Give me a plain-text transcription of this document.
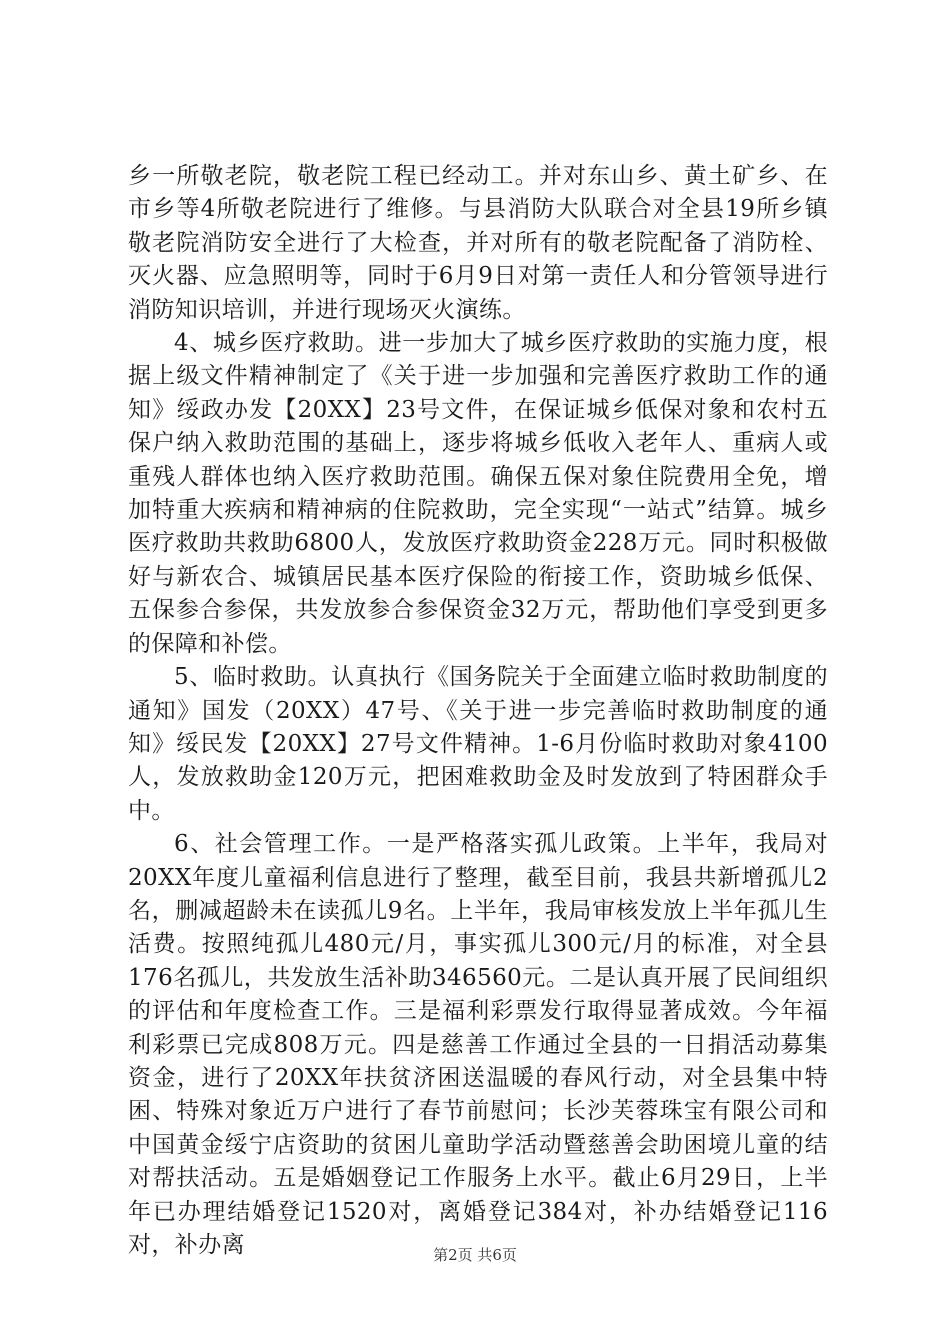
乡一所敬老院，敬老院工程已经动工。并对东山乡、黄土矿乡、在市乡等4所敬老院进行了维修。与县消防大队联合对全县19所乡镇敬老院消防安全进行了大检查，并对所有的敬老院配备了消防栓、灭火器、应急照明等，同时于6月9日对第一责任人和分管领导进行消防知识培训，并进行现场灭火演练。

4、城乡医疗救助。进一步加大了城乡医疗救助的实施力度，根据上级文件精神制定了《关于进一步加强和完善医疗救助工作的通知》绥政办发【20XX】23号文件，在保证城乡低保对象和农村五保户纳入救助范围的基础上，逐步将城乡低收入老年人、重病人或重残人群体也纳入医疗救助范围。确保五保对象住院费用全免，增加特重大疾病和精神病的住院救助，完全实现“一站式”结算。城乡医疗救助共救助6800人，发放医疗救助资金228万元。同时积极做好与新农合、城镇居民基本医疗保险的衔接工作，资助城乡低保、五保参合参保，共发放参合参保资金32万元，帮助他们享受到更多的保障和补偿。

5、临时救助。认真执行《国务院关于全面建立临时救助制度的通知》国发（20XX）47号、《关于进一步完善临时救助制度的通知》绥民发【20XX】27号文件精神。1-6月份临时救助对象4100人，发放救助金120万元，把困难救助金及时发放到了特困群众手中。

6、社会管理工作。一是严格落实孤儿政策。上半年，我局对20XX年度儿童福利信息进行了整理，截至目前，我县共新增孤儿2名，删减超龄未在读孤儿9名。上半年，我局审核发放上半年孤儿生活费。按照纯孤儿480元/月，事实孤儿300元/月的标准，对全县176名孤儿，共发放生活补助346560元。二是认真开展了民间组织的评估和年度检查工作。三是福利彩票发行取得显著成效。今年福利彩票已完成808万元。四是慈善工作通过全县的一日捐活动募集资金，进行了20XX年扶贫济困送温暖的春风行动，对全县集中特困、特殊对象近万户进行了春节前慰问；长沙芙蓉珠宝有限公司和中国黄金绥宁店资助的贫困儿童助学活动暨慈善会助困境儿童的结对帮扶活动。五是婚姻登记工作服务上水平。截止6月29日，上半年已办理结婚登记1520对，离婚登记384对，补办结婚登记116对，补办离	第2页 共6页
